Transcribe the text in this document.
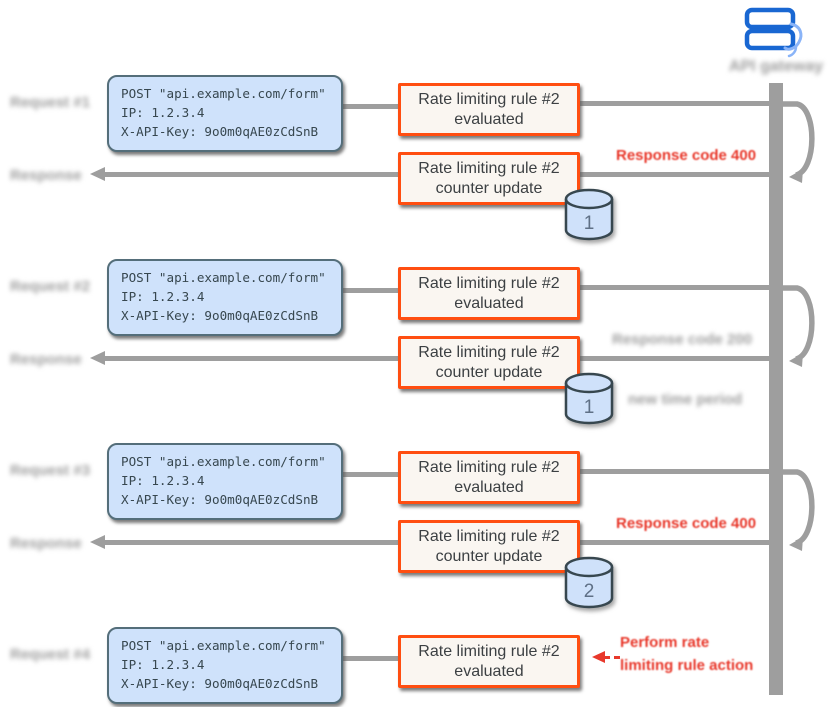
API gateway
Request #1
POST "api.example.com/form"
IP: 1.2.3.4
X-API-Key: 9o0m0qAE0zCdSnB
Rate limiting rule #2
evaluated
Response	Rate limiting rule #2
counter update
1
Response code 400
Request #2
POST "api.example.com/form"
IP: 1.2.3.4
X-API-Key: 9o0m0qAE0zCdSnB
Rate limiting rule #2
evaluated
Response	Rate limiting rule #2
counter update
1
Response code 200
new time period
Request #3
POST "api.example.com/form"
IP: 1.2.3.4
X-API-Key: 9o0m0qAE0zCdSnB
Rate limiting rule #2
evaluated
Response	Rate limiting rule #2
counter update
2
Response code 400
Request #4
POST "api.example.com/form"
IP: 1.2.3.4
X-API-Key: 9o0m0qAE0zCdSnB
Rate limiting rule #2
evaluated
Perform rate
limiting rule action
